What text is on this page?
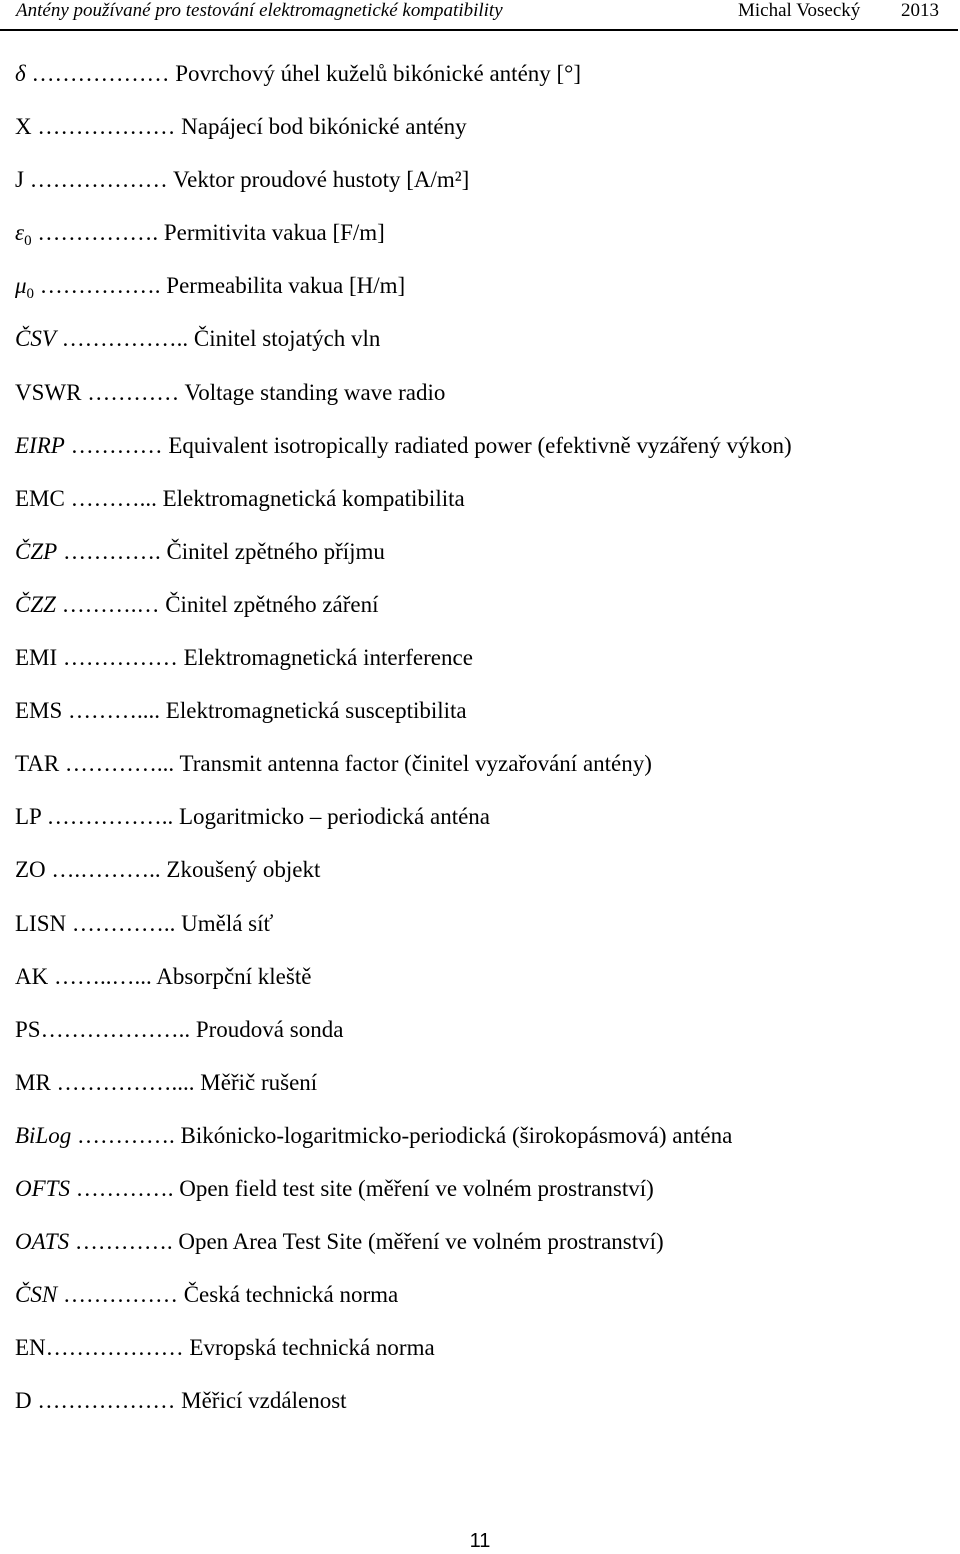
Antény používané pro testování elektromagnetické kompatibility	Michal Vosecký 2013
δ ……………… Povrchový úhel kuželů bikónické antény [°]
X ……………… Napájecí bod bikónické antény
J ……………… Vektor proudové hustoty [A/m²]
$\varepsilon_0$ ……………. Permitivita vakua [F/m]
$\mu_0$ ……………. Permeabilita vakua [H/m]
ČSV …………….. Činitel stojatých vln
VSWR ………… Voltage standing wave radio
EIRP ………… Equivalent isotropically radiated power (efektivně vyzářený výkon)
EMC ………... Elektromagnetická kompatibilita
ČZP …………. Činitel zpětného příjmu
ČZZ ……….… Činitel zpětného záření
EMI …………… Elektromagnetická interference
EMS ……….... Elektromagnetická susceptibilita
TAR …………... Transmit antenna factor (činitel vyzařování antény)
LP …………….. Logaritmicko – periodická anténa
ZO ….……….. Zkoušený objekt
LISN ………….. Umělá síť
AK ……..…... Absorpční kleště
PS……………….. Proudová sonda
MR …………….... Měřič rušení
BiLog …………. Bikónicko-logaritmicko-periodická (širokopásmová) anténa
OFTS …………. Open field test site (měření ve volném prostranství)
OATS …………. Open Area Test Site (měření ve volném prostranství)
ČSN …………… Česká technická norma
EN……………… Evropská technická norma
D ……………… Měřicí vzdálenost
11
